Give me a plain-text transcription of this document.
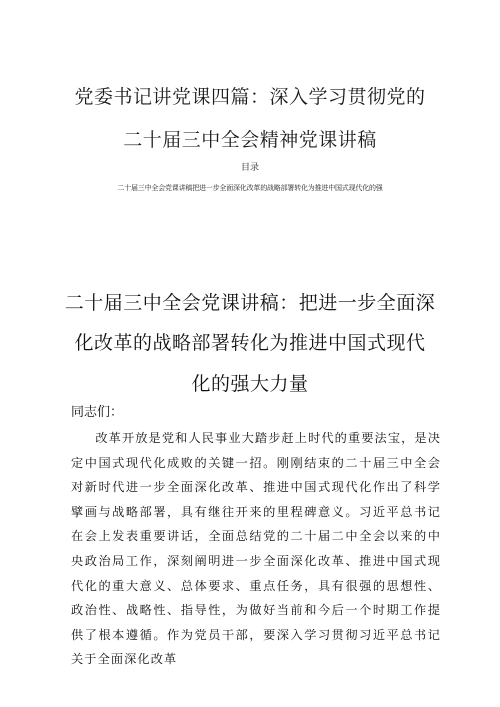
党委书记讲党课四篇：深入学习贯彻党的
二十届三中全会精神党课讲稿
目录
二十届三中全会党课讲稿把进一步全面深化改革的战略部署转化为推进中国式现代化的强
二十届三中全会党课讲稿：把进一步全面深
化改革的战略部署转化为推进中国式现代
化的强大力量
同志们：

改革开放是党和人民事业大踏步赶上时代的重要法宝，是决定中国式现代化成败的关键一招。刚刚结束的二十届三中全会对新时代进一步全面深化改革、推进中国式现代化作出了科学擘画与战略部署，具有继往开来的里程碑意义。习近平总书记在会上发表重要讲话，全面总结党的二十届二中全会以来的中央政治局工作，深刻阐明进一步全面深化改革、推进中国式现代化的重大意义、总体要求、重点任务，具有很强的思想性、政治性、战略性、指导性，为做好当前和今后一个时期工作提供了根本遵循。作为党员干部，要深入学习贯彻习近平总书记关于全面深化改革
